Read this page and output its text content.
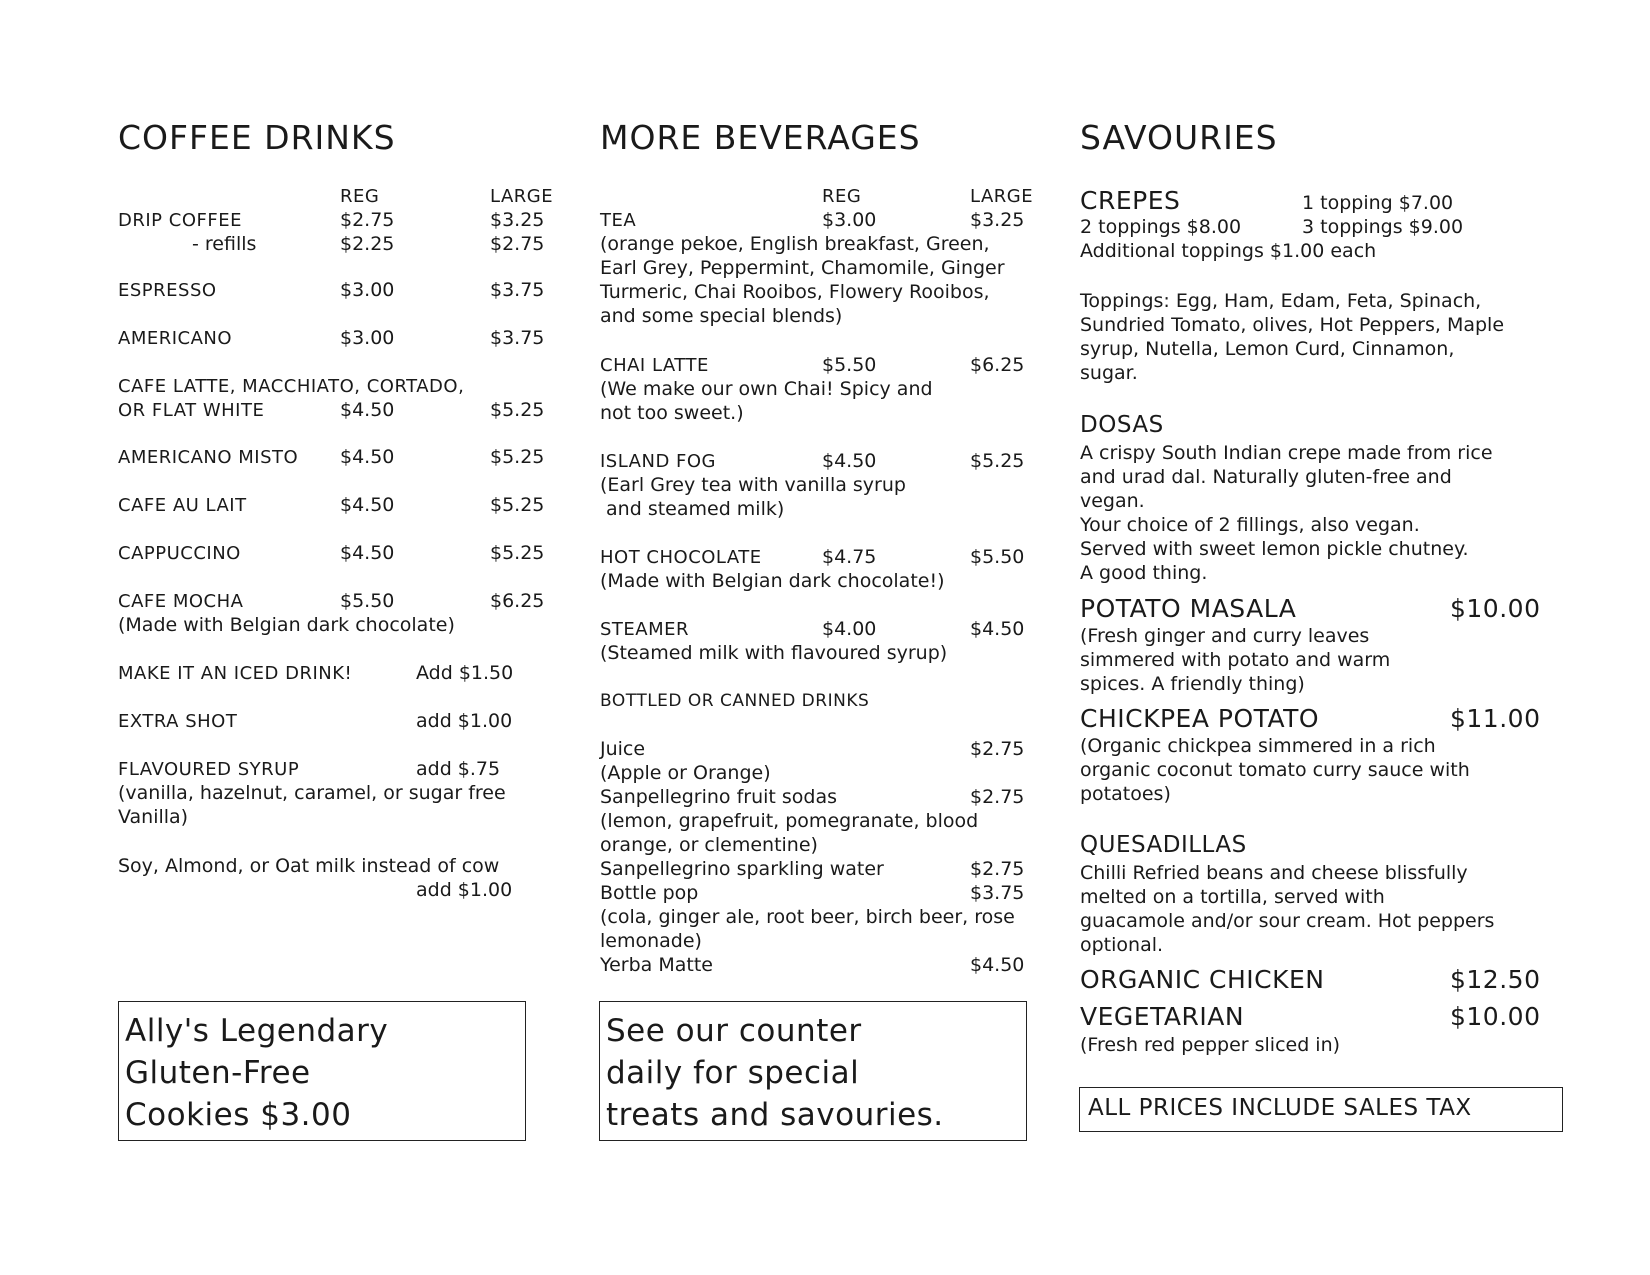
COFFEE DRINKS
REG	LARGE
DRIP COFFEE	$2.75	$3.25
- refills	$2.25	$2.75
ESPRESSO	$3.00	$3.75
AMERICANO	$3.00	$3.75
CAFE LATTE, MACCHIATO, CORTADO,
OR FLAT WHITE	$4.50	$5.25
AMERICANO MISTO $4.50	$5.25
CAFE AU LAIT	$4.50	$5.25
CAPPUCCINO	$4.50	$5.25
CAFE MOCHA	$5.50	$6.25
(Made with Belgian dark chocolate)
MAKE IT AN ICED DRINK!	Add $1.50
EXTRA SHOT	add $1.00
FLAVOURED SYRUP	add $.75
(vanilla, hazelnut, caramel, or sugar free
Vanilla)
Soy, Almond, or Oat milk instead of cow
add $1.00
Ally's Legendary
Gluten-Free
Cookies $3.00
MORE BEVERAGES
REG	LARGE
TEA	$3.00	$3.25
(orange pekoe, English breakfast, Green,
Earl Grey, Peppermint, Chamomile, Ginger
Turmeric, Chai Rooibos, Flowery Rooibos,
and some special blends)
CHAI LATTE	$5.50	$6.25
(We make our own Chai! Spicy and
not too sweet.)
ISLAND FOG	$4.50	$5.25
(Earl Grey tea with vanilla syrup
and steamed milk)
HOT CHOCOLATE	$4.75	$5.50
(Made with Belgian dark chocolate!)
STEAMER	$4.00	$4.50
(Steamed milk with flavoured syrup)
BOTTLED OR CANNED DRINKS
Juice	$2.75
(Apple or Orange)
Sanpellegrino fruit sodas	$2.75
(lemon, grapefruit, pomegranate, blood
orange, or clementine)
Sanpellegrino sparkling water	$2.75
Bottle pop	$3.75
(cola, ginger ale, root beer, birch beer, rose
lemonade)
Yerba Matte	$4.50
See our counter
daily for special
treats and savouries.
SAVOURIES
CREPES	1 topping $7.00
2 toppings $8.00	3 toppings $9.00
Additional toppings $1.00 each
Toppings: Egg, Ham, Edam, Feta, Spinach,
Sundried Tomato, olives, Hot Peppers, Maple
syrup, Nutella, Lemon Curd, Cinnamon,
sugar.
DOSAS
A crispy South Indian crepe made from rice
and urad dal. Naturally gluten-free and
vegan.
Your choice of 2 fillings, also vegan.
Served with sweet lemon pickle chutney.
A good thing.
POTATO MASALA	$10.00
(Fresh ginger and curry leaves
simmered with potato and warm
spices. A friendly thing)
CHICKPEA POTATO	$11.00
(Organic chickpea simmered in a rich
organic coconut tomato curry sauce with
potatoes)
QUESADILLAS
Chilli Refried beans and cheese blissfully
melted on a tortilla, served with
guacamole and/or sour cream. Hot peppers
optional.
ORGANIC CHICKEN	$12.50
VEGETARIAN	$10.00
(Fresh red pepper sliced in)
ALL PRICES INCLUDE SALES TAX
